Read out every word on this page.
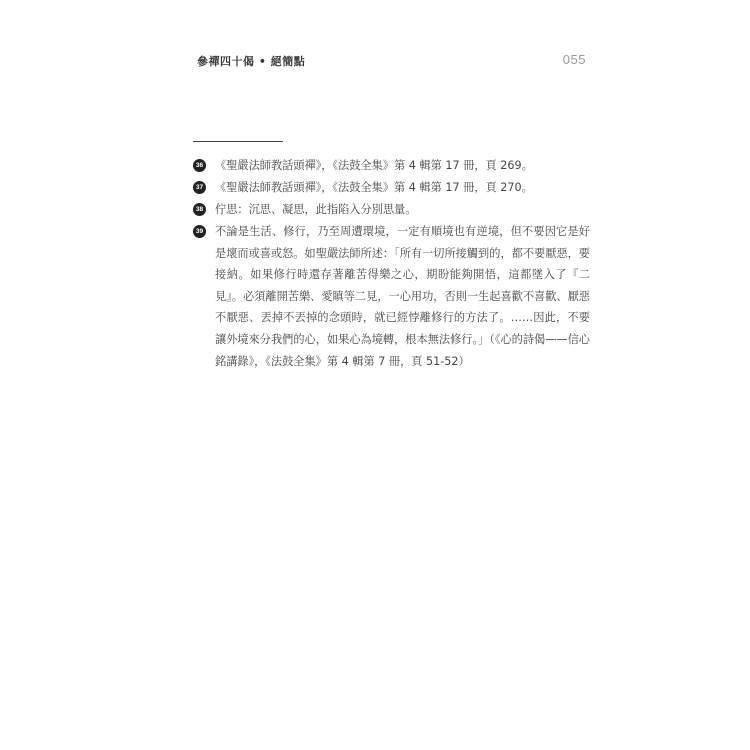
參禪四十偈 • 絕簡點	055
36 《聖嚴法師教話頭禪》，《法鼓全集》第 4 輯第 17 冊，頁 269。
37 《聖嚴法師教話頭禪》，《法鼓全集》第 4 輯第 17 冊，頁 270。
38 佇思：沉思、凝思，此指陷入分別思量。
39 不論是生活、修行，乃至周遭環境，一定有順境也有逆境，但不要因它是好是壞而或喜或怒。如聖嚴法師所述：「所有一切所接觸到的，都不要厭惡，要接納。如果修行時還存著離苦得樂之心，期盼能夠開悟，這都墜入了『二見』。必須離開苦樂、愛瞋等二見，一心用功，否則一生起喜歡不喜歡、厭惡不厭惡、丟掉不丟掉的念頭時，就已經悖離修行的方法了。……因此，不要讓外境來分我們的心，如果心為境轉，根本無法修行。」（《心的詩偈——信心銘講錄》，《法鼓全集》第 4 輯第 7 冊，頁 51-52）
